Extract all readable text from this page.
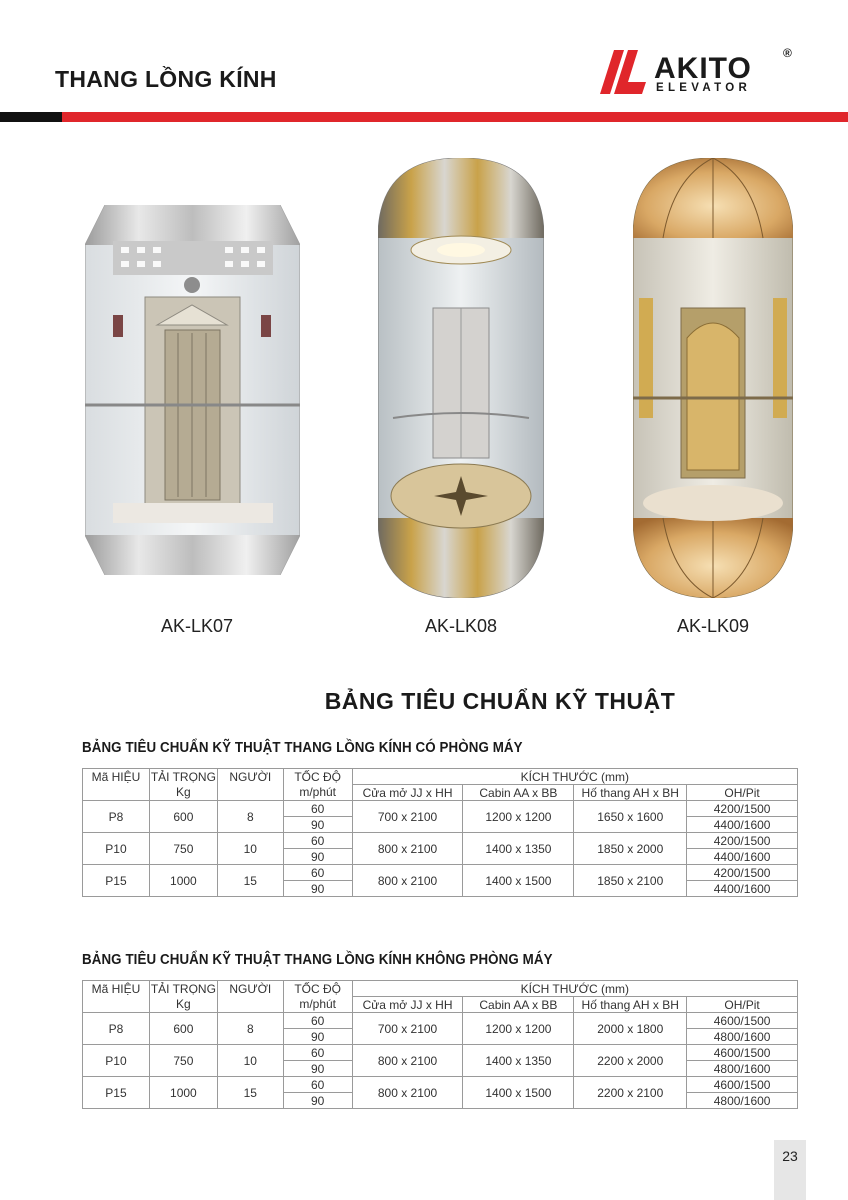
THANG LỒNG KÍNH	AKITO
ELEVATOR
®
AK-LK07	AK-LK08	AK-LK09
BẢNG TIÊU CHUẨN KỸ THUẬT
BẢNG TIÊU CHUẨN KỸ THUẬT THANG LỒNG KÍNH CÓ PHÒNG MÁY
Mã HIỆU	TẢI TRỌNG	NGƯỜI	TỐC ĐỘ	KÍCH THƯỚC (mm)			
	Kg		m/phút	Cửa mở JJ x HH	Cabin AA x BB	Hố thang AH x BH	OH/Pit
P8	600	8	60	700 x 2100	1200 x 1200	1650 x 1600	4200/1500
			90				4400/1600
P10	750	10	60	800 x 2100	1400 x 1350	1850 x 2000	4200/1500
			90				4400/1600
P15	1000	15	60	800 x 2100	1400 x 1500	1850 x 2100	4200/1500
			90				4400/1600
BẢNG TIÊU CHUẨN KỸ THUẬT THANG LỒNG KÍNH KHÔNG PHÒNG MÁY
Mã HIỆU	TẢI TRỌNG	NGƯỜI	TỐC ĐỘ	KÍCH THƯỚC (mm)			
	Kg		m/phút	Cửa mở JJ x HH	Cabin AA x BB	Hố thang AH x BH	OH/Pit
P8	600	8	60	700 x 2100	1200 x 1200	2000 x 1800	4600/1500
			90				4800/1600
P10	750	10	60	800 x 2100	1400 x 1350	2200 x 2000	4600/1500
			90				4800/1600
P15	1000	15	60	800 x 2100	1400 x 1500	2200 x 2100	4600/1500
			90				4800/1600
23
